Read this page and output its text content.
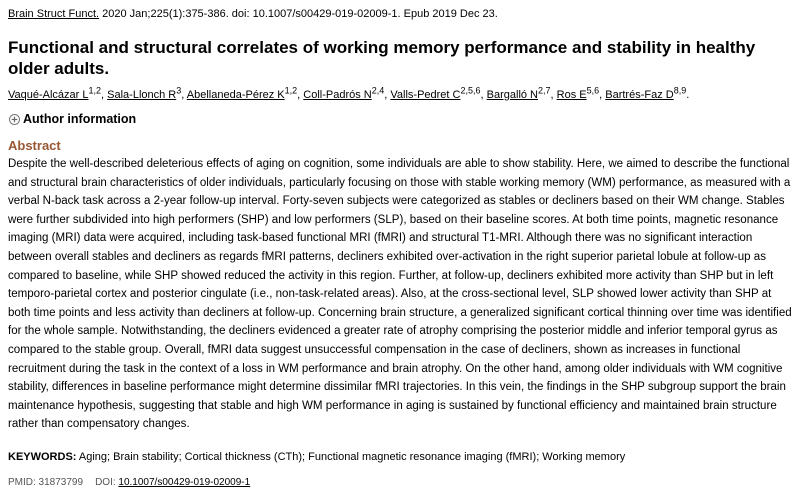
Brain Struct Funct. 2020 Jan;225(1):375-386. doi: 10.1007/s00429-019-02009-1. Epub 2019 Dec 23.
Functional and structural correlates of working memory performance and stability in healthy older adults.
Vaqué-Alcázar L$^{1,2}$, Sala-Llonch $R^3$, Abellaneda-Pérez K$^{1,2}$, Coll-Padrós N$^{2,4}$, Valls-Pedret C$^{2,5,6}$, Bargalló N$^{2,7}$, Ros E$^{5,6}$, Bartrés-Faz D$^{8,9}$.
Author information
Abstract
Despite the well-described deleterious effects of aging on cognition, some individuals are able to show stability. Here, we aimed to describe the functional and structural brain characteristics of older individuals, particularly focusing on those with stable working memory (WM) performance, as measured with a verbal N-back task across a 2-year follow-up interval. Forty-seven subjects were categorized as stables or decliners based on their WM change. Stables were further subdivided into high performers (SHP) and low performers (SLP), based on their baseline scores. At both time points, magnetic resonance imaging (MRI) data were acquired, including task-based functional MRI (fMRI) and structural T1-MRI. Although there was no significant interaction between overall stables and decliners as regards fMRI patterns, decliners exhibited over-activation in the right superior parietal lobule at follow-up as compared to baseline, while SHP showed reduced the activity in this region. Further, at follow-up, decliners exhibited more activity than SHP but in left temporo-parietal cortex and posterior cingulate (i.e., non-task-related areas). Also, at the cross-sectional level, SLP showed lower activity than SHP at both time points and less activity than decliners at follow-up. Concerning brain structure, a generalized significant cortical thinning over time was identified for the whole sample. Notwithstanding, the decliners evidenced a greater rate of atrophy comprising the posterior middle and inferior temporal gyrus as compared to the stable group. Overall, fMRI data suggest unsuccessful compensation in the case of decliners, shown as increases in functional recruitment during the task in the context of a loss in WM performance and brain atrophy. On the other hand, among older individuals with WM cognitive stability, differences in baseline performance might determine dissimilar fMRI trajectories. In this vein, the findings in the SHP subgroup support the brain maintenance hypothesis, suggesting that stable and high WM performance in aging is sustained by functional efficiency and maintained brain structure rather than compensatory changes.
KEYWORDS: Aging; Brain stability; Cortical thickness (CTh); Functional magnetic resonance imaging (fMRI); Working memory
PMID: 31873799 DOI: 10.1007/s00429-019-02009-1
